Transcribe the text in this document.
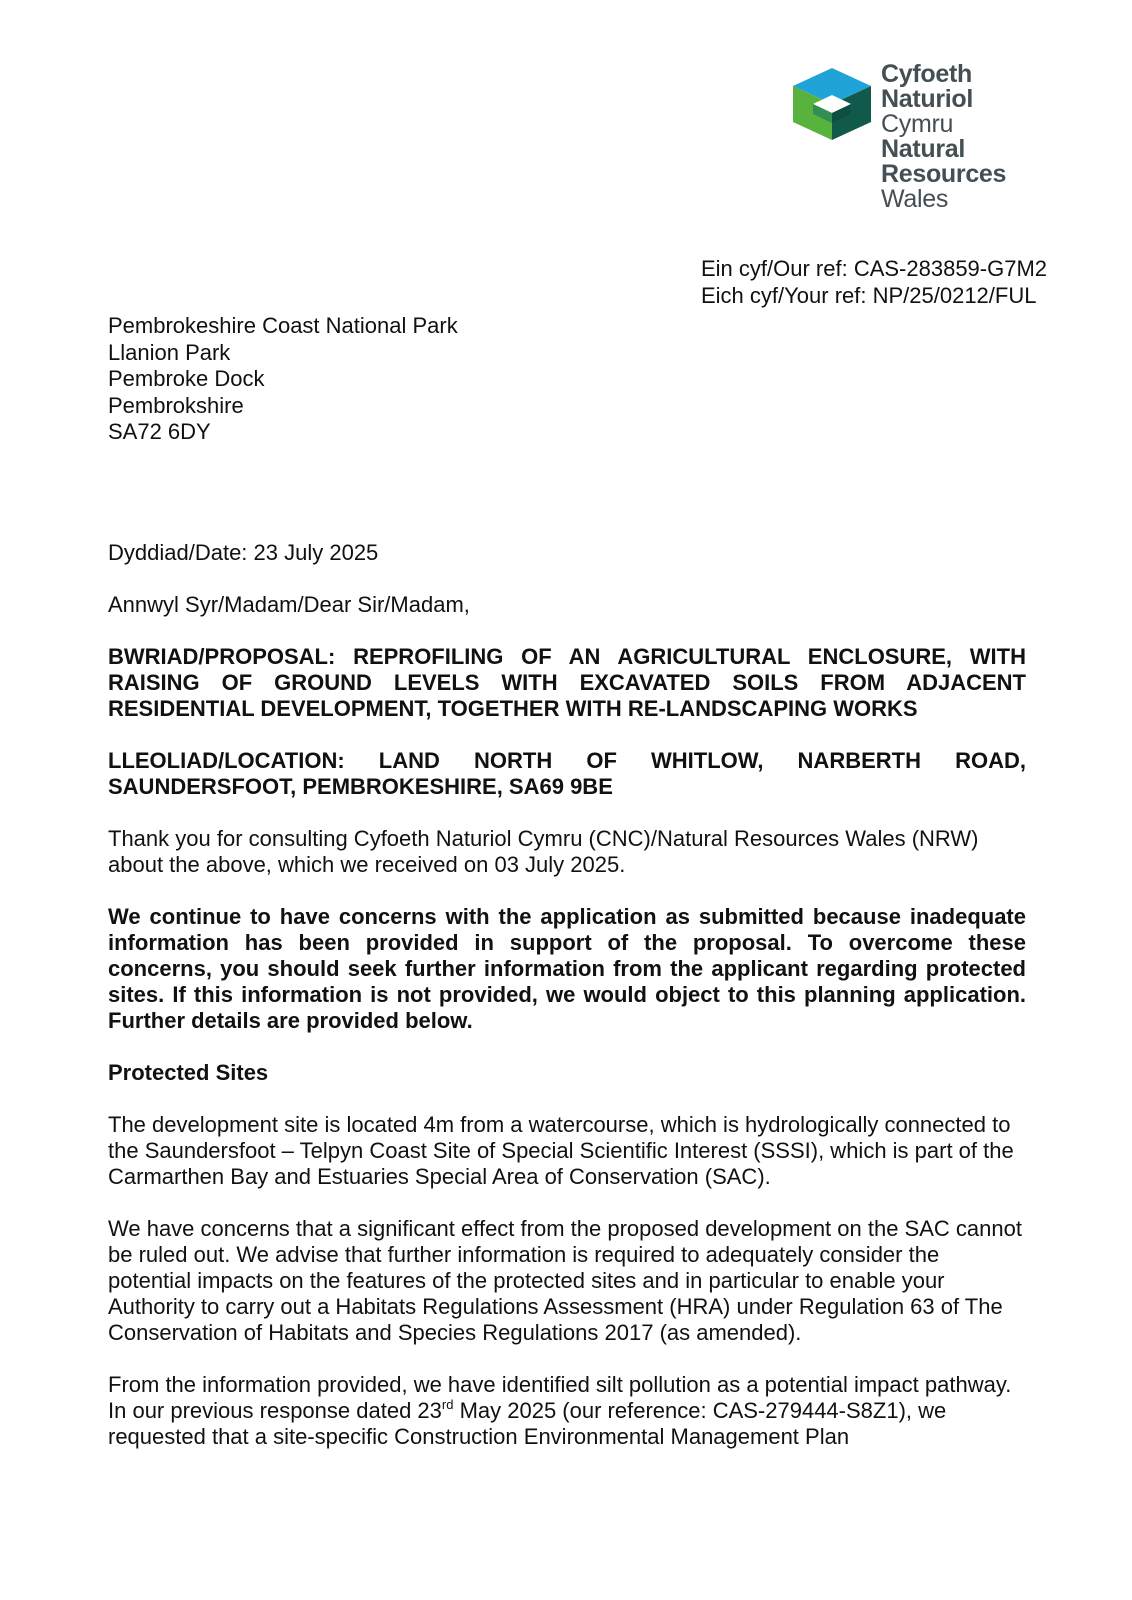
Cyfoeth
Naturiol
Cymru
Natural
Resources
Wales
Ein cyf/Our ref: CAS-283859-G7M2
Eich cyf/Your ref: NP/25/0212/FUL
Pembrokeshire Coast National Park
Llanion Park
Pembroke Dock
Pembrokshire
SA72 6DY

Dyddiad/Date: 23 July 2025

Annwyl Syr/Madam/Dear Sir/Madam,

BWRIAD/PROPOSAL: REPROFILING OF AN AGRICULTURAL ENCLOSURE, WITH RAISING OF GROUND LEVELS WITH EXCAVATED SOILS FROM ADJACENT RESIDENTIAL DEVELOPMENT, TOGETHER WITH RE-LANDSCAPING WORKS

LLEOLIAD/LOCATION: LAND NORTH OF WHITLOW, NARBERTH ROAD, SAUNDERSFOOT, PEMBROKESHIRE, SA69 9BE

Thank you for consulting Cyfoeth Naturiol Cymru (CNC)/Natural Resources Wales (NRW) about the above, which we received on 03 July 2025.

We continue to have concerns with the application as submitted because inadequate information has been provided in support of the proposal. To overcome these concerns, you should seek further information from the applicant regarding protected sites. If this information is not provided, we would object to this planning application. Further details are provided below.

Protected Sites

The development site is located 4m from a watercourse, which is hydrologically connected to the Saundersfoot – Telpyn Coast Site of Special Scientific Interest (SSSI), which is part of the Carmarthen Bay and Estuaries Special Area of Conservation (SAC).

We have concerns that a significant effect from the proposed development on the SAC cannot be ruled out. We advise that further information is required to adequately consider the potential impacts on the features of the protected sites and in particular to enable your Authority to carry out a Habitats Regulations Assessment (HRA) under Regulation 63 of The Conservation of Habitats and Species Regulations 2017 (as amended).

From the information provided, we have identified silt pollution as a potential impact pathway. In our previous response dated 23rd May 2025 (our reference: CAS-279444-S8Z1), we requested that a site-specific Construction Environmental Management Plan
